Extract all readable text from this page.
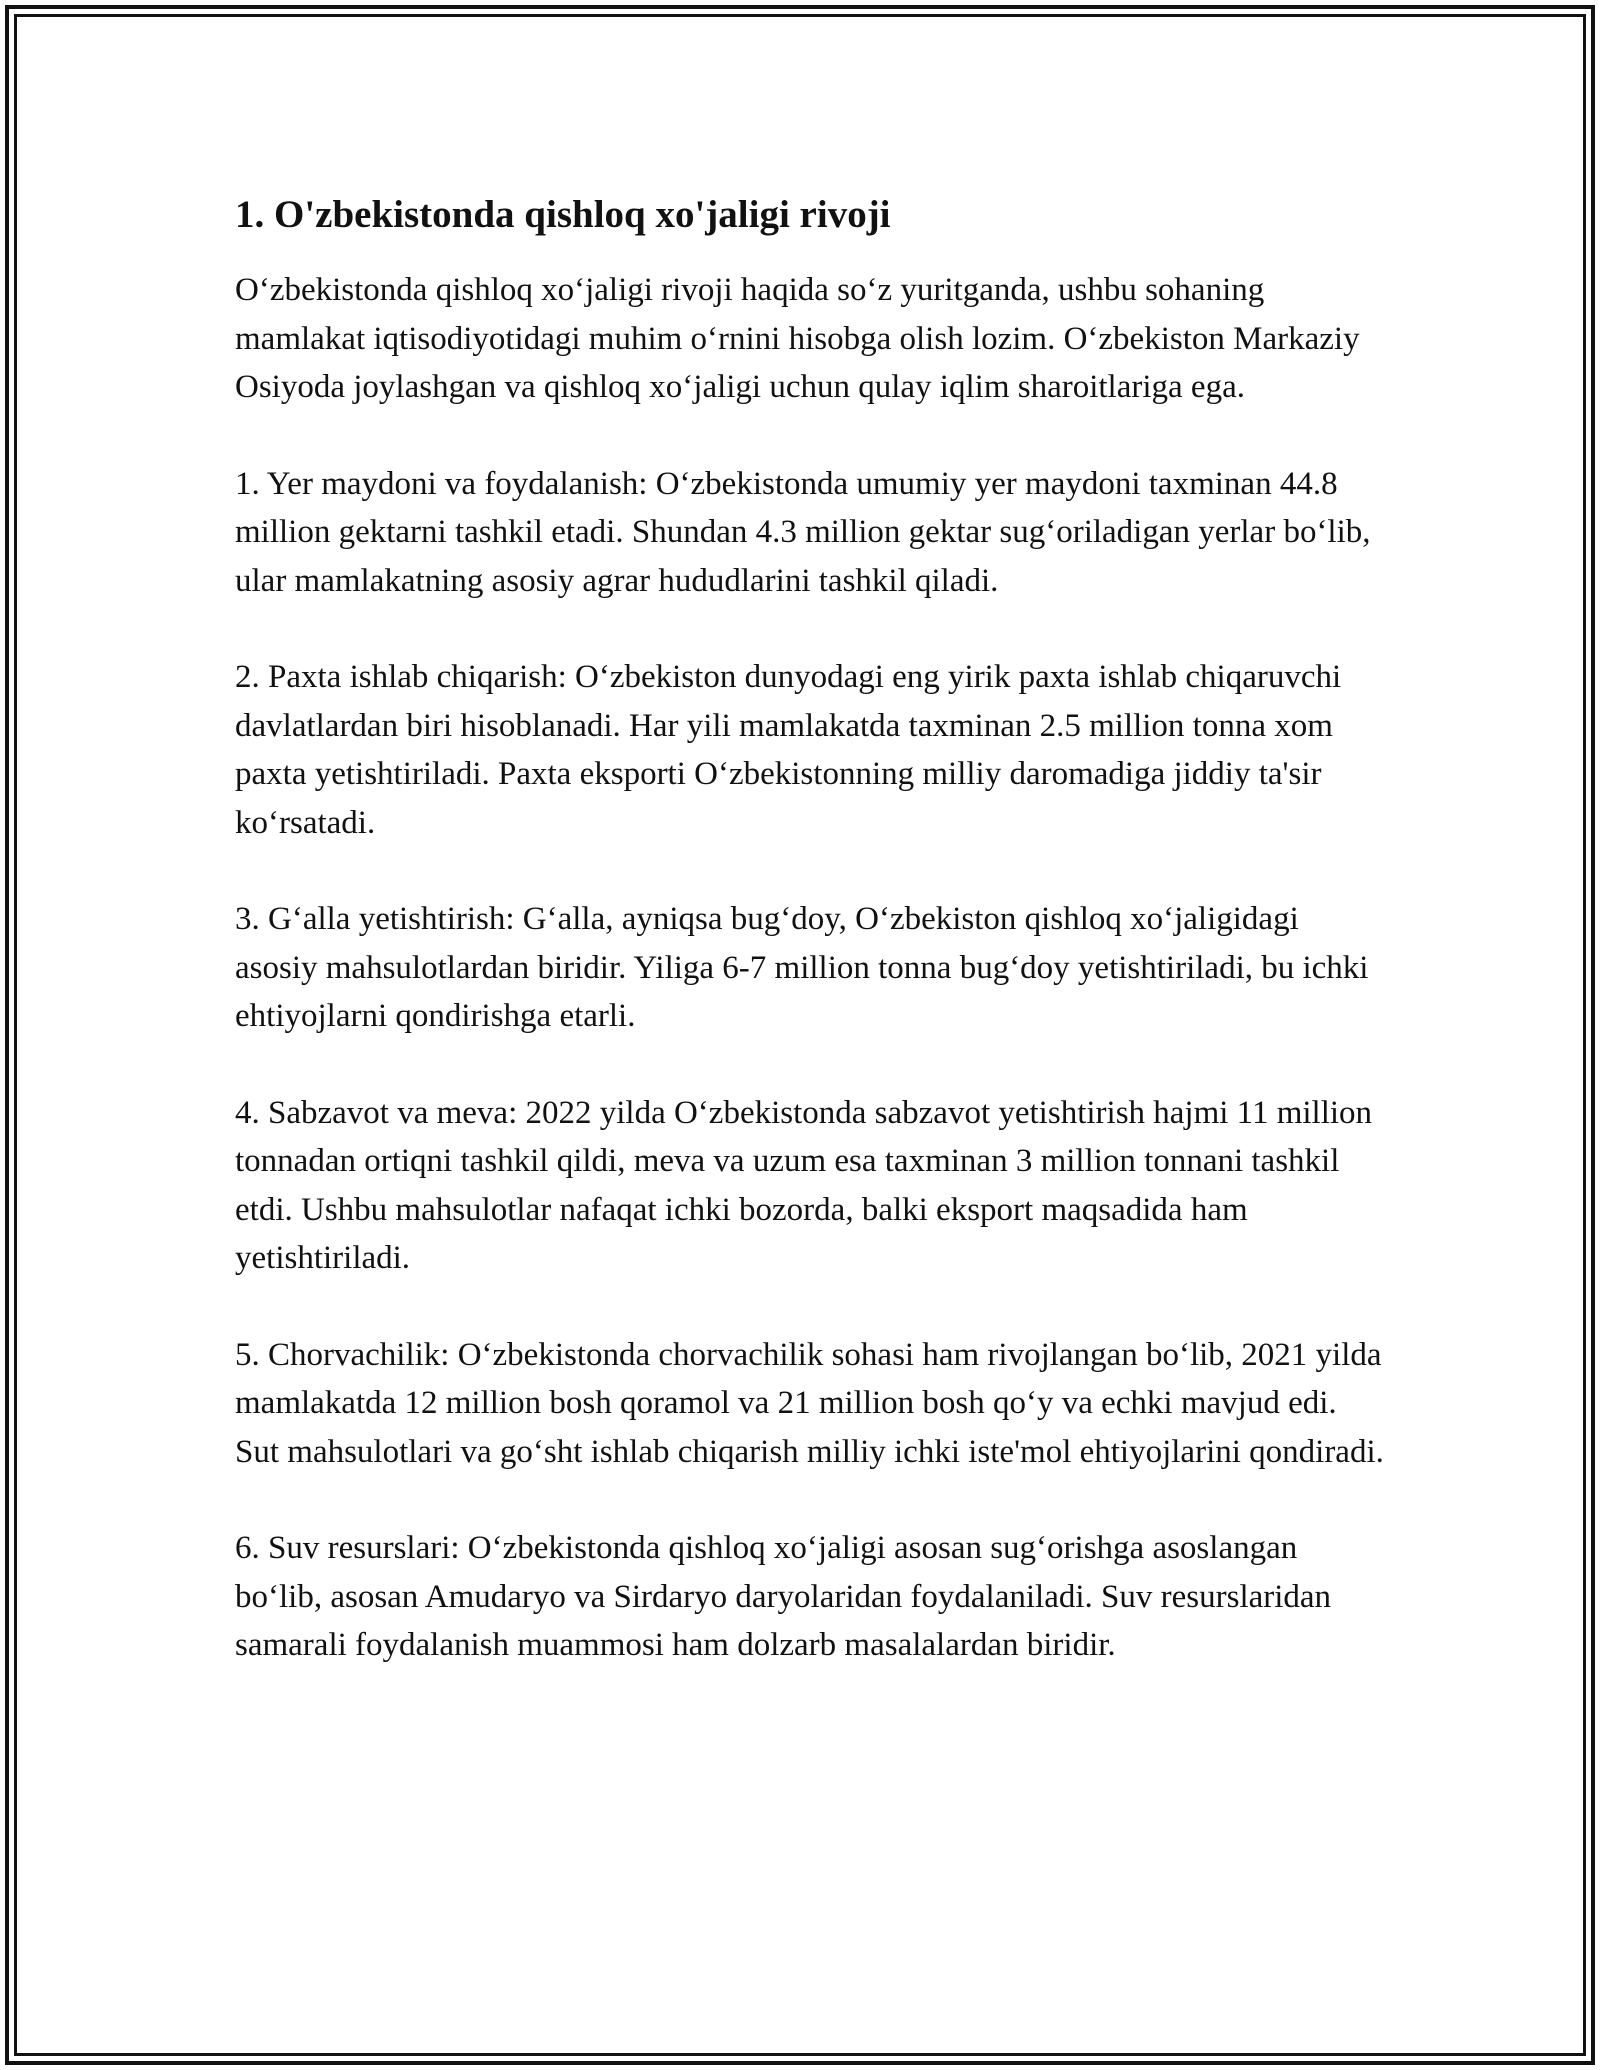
1. O'zbekistonda qishloq xo'jaligi rivoji

O‘zbekistonda qishloq xo‘jaligi rivoji haqida so‘z yuritganda, ushbu sohaning mamlakat iqtisodiyotidagi muhim o‘rnini hisobga olish lozim. O‘zbekiston Markaziy Osiyoda joylashgan va qishloq xo‘jaligi uchun qulay iqlim sharoitlariga ega.

1. Yer maydoni va foydalanish: O‘zbekistonda umumiy yer maydoni taxminan 44.8 million gektarni tashkil etadi. Shundan 4.3 million gektar sug‘oriladigan yerlar bo‘lib, ular mamlakatning asosiy agrar hududlarini tashkil qiladi.

2. Paxta ishlab chiqarish: O‘zbekiston dunyodagi eng yirik paxta ishlab chiqaruvchi davlatlardan biri hisoblanadi. Har yili mamlakatda taxminan 2.5 million tonna xom paxta yetishtiriladi. Paxta eksporti O‘zbekistonning milliy daromadiga jiddiy ta'sir ko‘rsatadi.

3. G‘alla yetishtirish: G‘alla, ayniqsa bug‘doy, O‘zbekiston qishloq xo‘jaligidagi asosiy mahsulotlardan biridir. Yiliga 6-7 million tonna bug‘doy yetishtiriladi, bu ichki ehtiyojlarni qondirishga etarli.

4. Sabzavot va meva: 2022 yilda O‘zbekistonda sabzavot yetishtirish hajmi 11 million tonnadan ortiqni tashkil qildi, meva va uzum esa taxminan 3 million tonnani tashkil etdi. Ushbu mahsulotlar nafaqat ichki bozorda, balki eksport maqsadida ham yetishtiriladi.

5. Chorvachilik: O‘zbekistonda chorvachilik sohasi ham rivojlangan bo‘lib, 2021 yilda mamlakatda 12 million bosh qoramol va 21 million bosh qo‘y va echki mavjud edi. Sut mahsulotlari va go‘sht ishlab chiqarish milliy ichki iste'mol ehtiyojlarini qondiradi.

6. Suv resurslari: O‘zbekistonda qishloq xo‘jaligi asosan sug‘orishga asoslangan bo‘lib, asosan Amudaryo va Sirdaryo daryolaridan foydalaniladi. Suv resurslaridan samarali foydalanish muammosi ham dolzarb masalalardan biridir.
